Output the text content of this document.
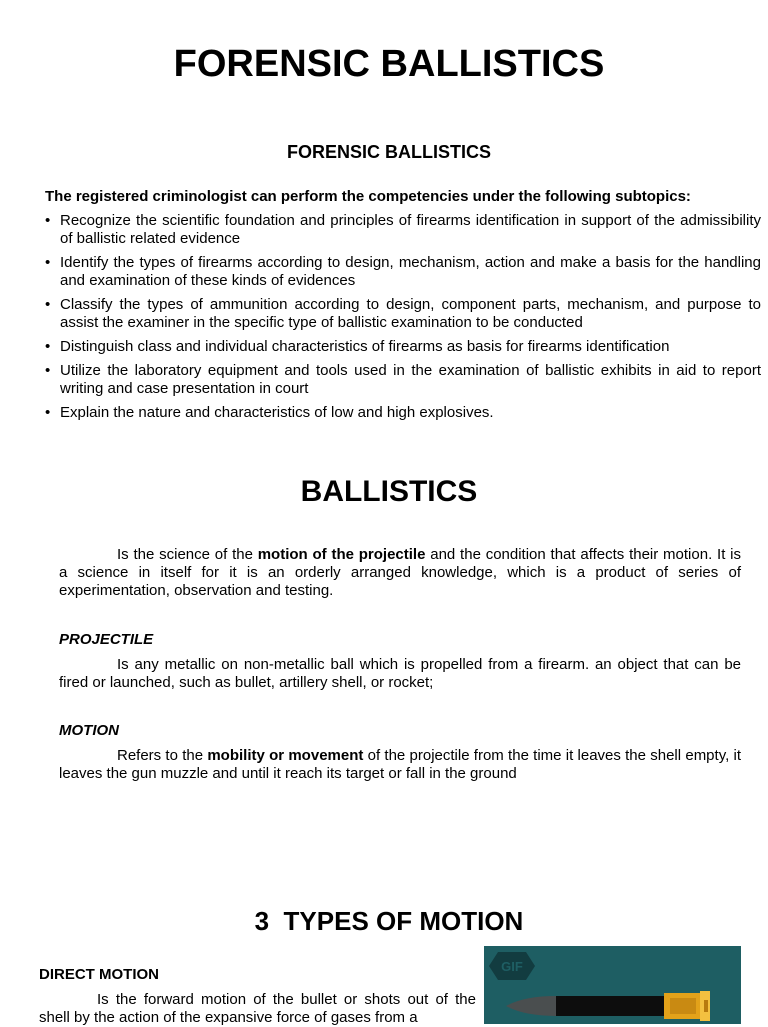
FORENSIC BALLISTICS
FORENSIC BALLISTICS

The registered criminologist can perform the competencies under the following subtopics:

• Recognize the scientific foundation and principles of firearms identification in support of the admissibility of ballistic related evidence
• Identify the types of firearms according to design, mechanism, action and make a basis for the handling and examination of these kinds of evidences
• Classify the types of ammunition according to design, component parts, mechanism, and purpose to assist the examiner in the specific type of ballistic examination to be conducted
• Distinguish class and individual characteristics of firearms as basis for firearms identification
• Utilize the laboratory equipment and tools used in the examination of ballistic exhibits in aid to report writing and case presentation in court
• Explain the nature and characteristics of low and high explosives.
BALLISTICS

Is the science of the motion of the projectile and the condition that affects their motion. It is a science in itself for it is an orderly arranged knowledge, which is a product of series of experimentation, observation and testing.

PROJECTILE

Is any metallic on non-metallic ball which is propelled from a firearm. an object that can be fired or launched, such as bullet, artillery shell, or rocket;

MOTION

Refers to the mobility or movement of the projectile from the time it leaves the shell empty, it leaves the gun muzzle and until it reach its target or fall in the ground

3  TYPES OF MOTION

DIRECT MOTION

Is the forward motion of the bullet or shots out of the shell by the action of the expansive force of gases from a

GIF
